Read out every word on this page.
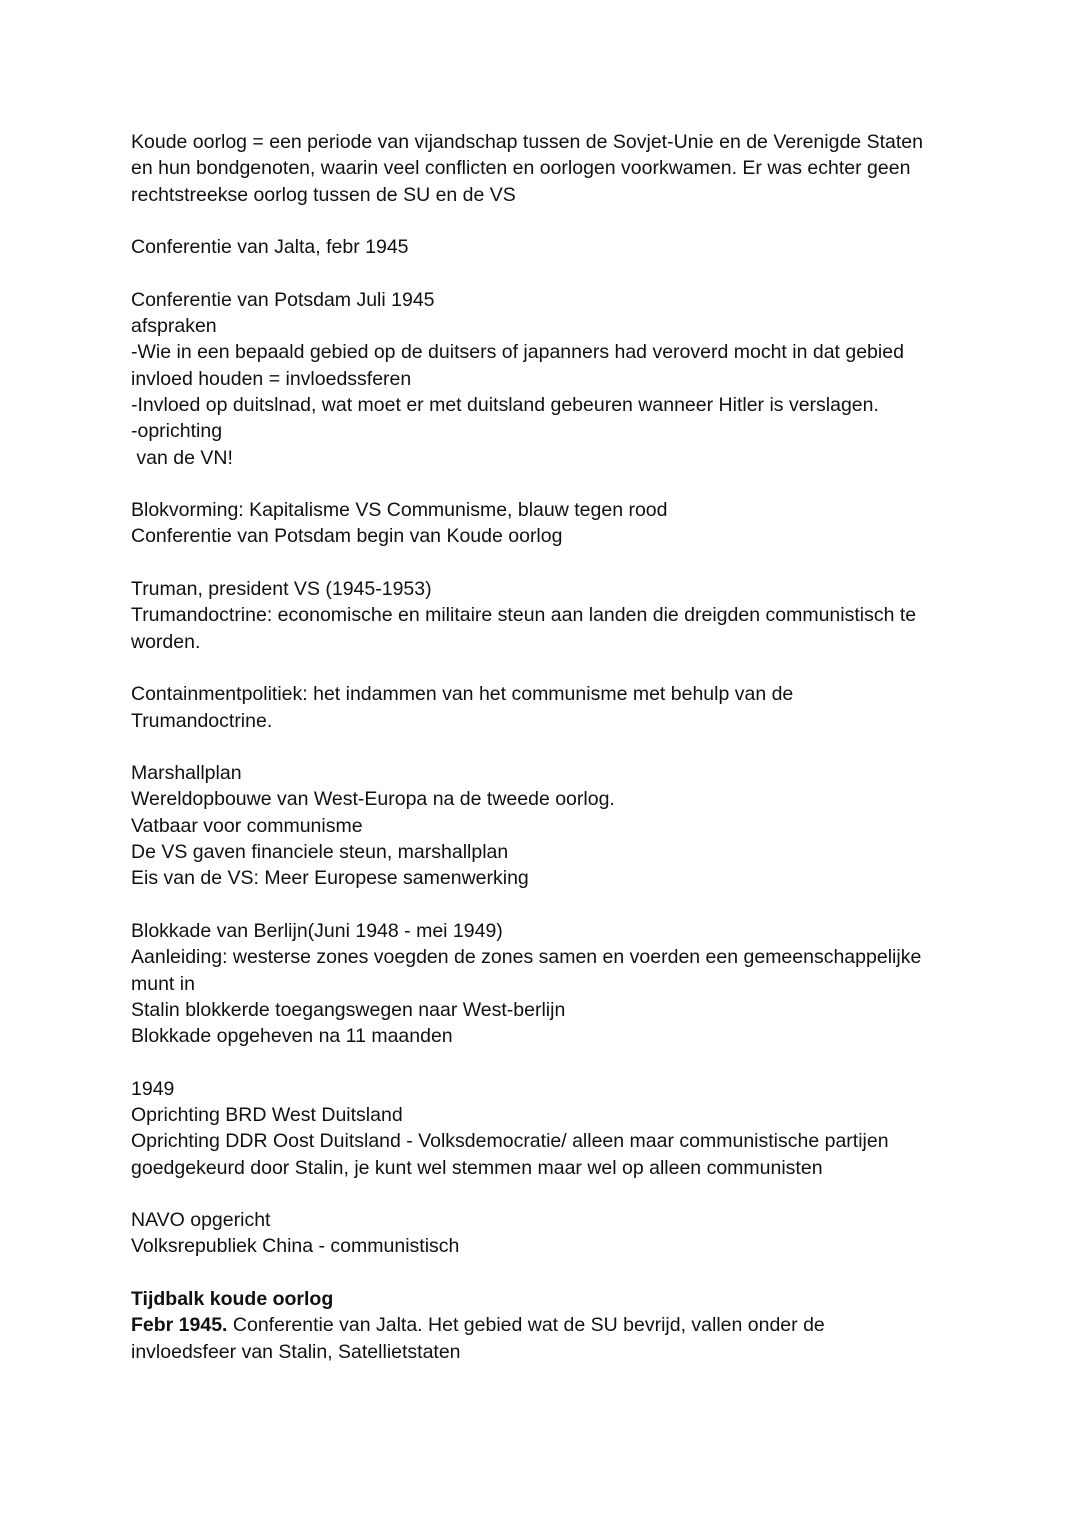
Koude oorlog = een periode van vijandschap tussen de Sovjet-Unie en de Verenigde Staten
en hun bondgenoten, waarin veel conflicten en oorlogen voorkwamen. Er was echter geen
rechtstreekse oorlog tussen de SU en de VS
Conferentie van Jalta, febr 1945
Conferentie van Potsdam Juli 1945
afspraken
-Wie in een bepaald gebied op de duitsers of japanners had veroverd mocht in dat gebied
invloed houden = invloedssferen
-Invloed op duitslnad, wat moet er met duitsland gebeuren wanneer Hitler is verslagen.
-oprichting
van de VN!
Blokvorming: Kapitalisme VS Communisme, blauw tegen rood
Conferentie van Potsdam begin van Koude oorlog
Truman, president VS (1945-1953)
Trumandoctrine: economische en militaire steun aan landen die dreigden communistisch te
worden.
Containmentpolitiek: het indammen van het communisme met behulp van de
Trumandoctrine.
Marshallplan
Wereldopbouwe van West-Europa na de tweede oorlog.
Vatbaar voor communisme
De VS gaven financiele steun, marshallplan
Eis van de VS: Meer Europese samenwerking
Blokkade van Berlijn(Juni 1948 - mei 1949)
Aanleiding: westerse zones voegden de zones samen en voerden een gemeenschappelijke
munt in
Stalin blokkerde toegangswegen naar West-berlijn
Blokkade opgeheven na 11 maanden
1949
Oprichting BRD West Duitsland
Oprichting DDR Oost Duitsland - Volksdemocratie/ alleen maar communistische partijen
goedgekeurd door Stalin, je kunt wel stemmen maar wel op alleen communisten
NAVO opgericht
Volksrepubliek China - communistisch
Tijdbalk koude oorlog
Febr 1945. Conferentie van Jalta. Het gebied wat de SU bevrijd, vallen onder de
invloedsfeer van Stalin, Satellietstaten
